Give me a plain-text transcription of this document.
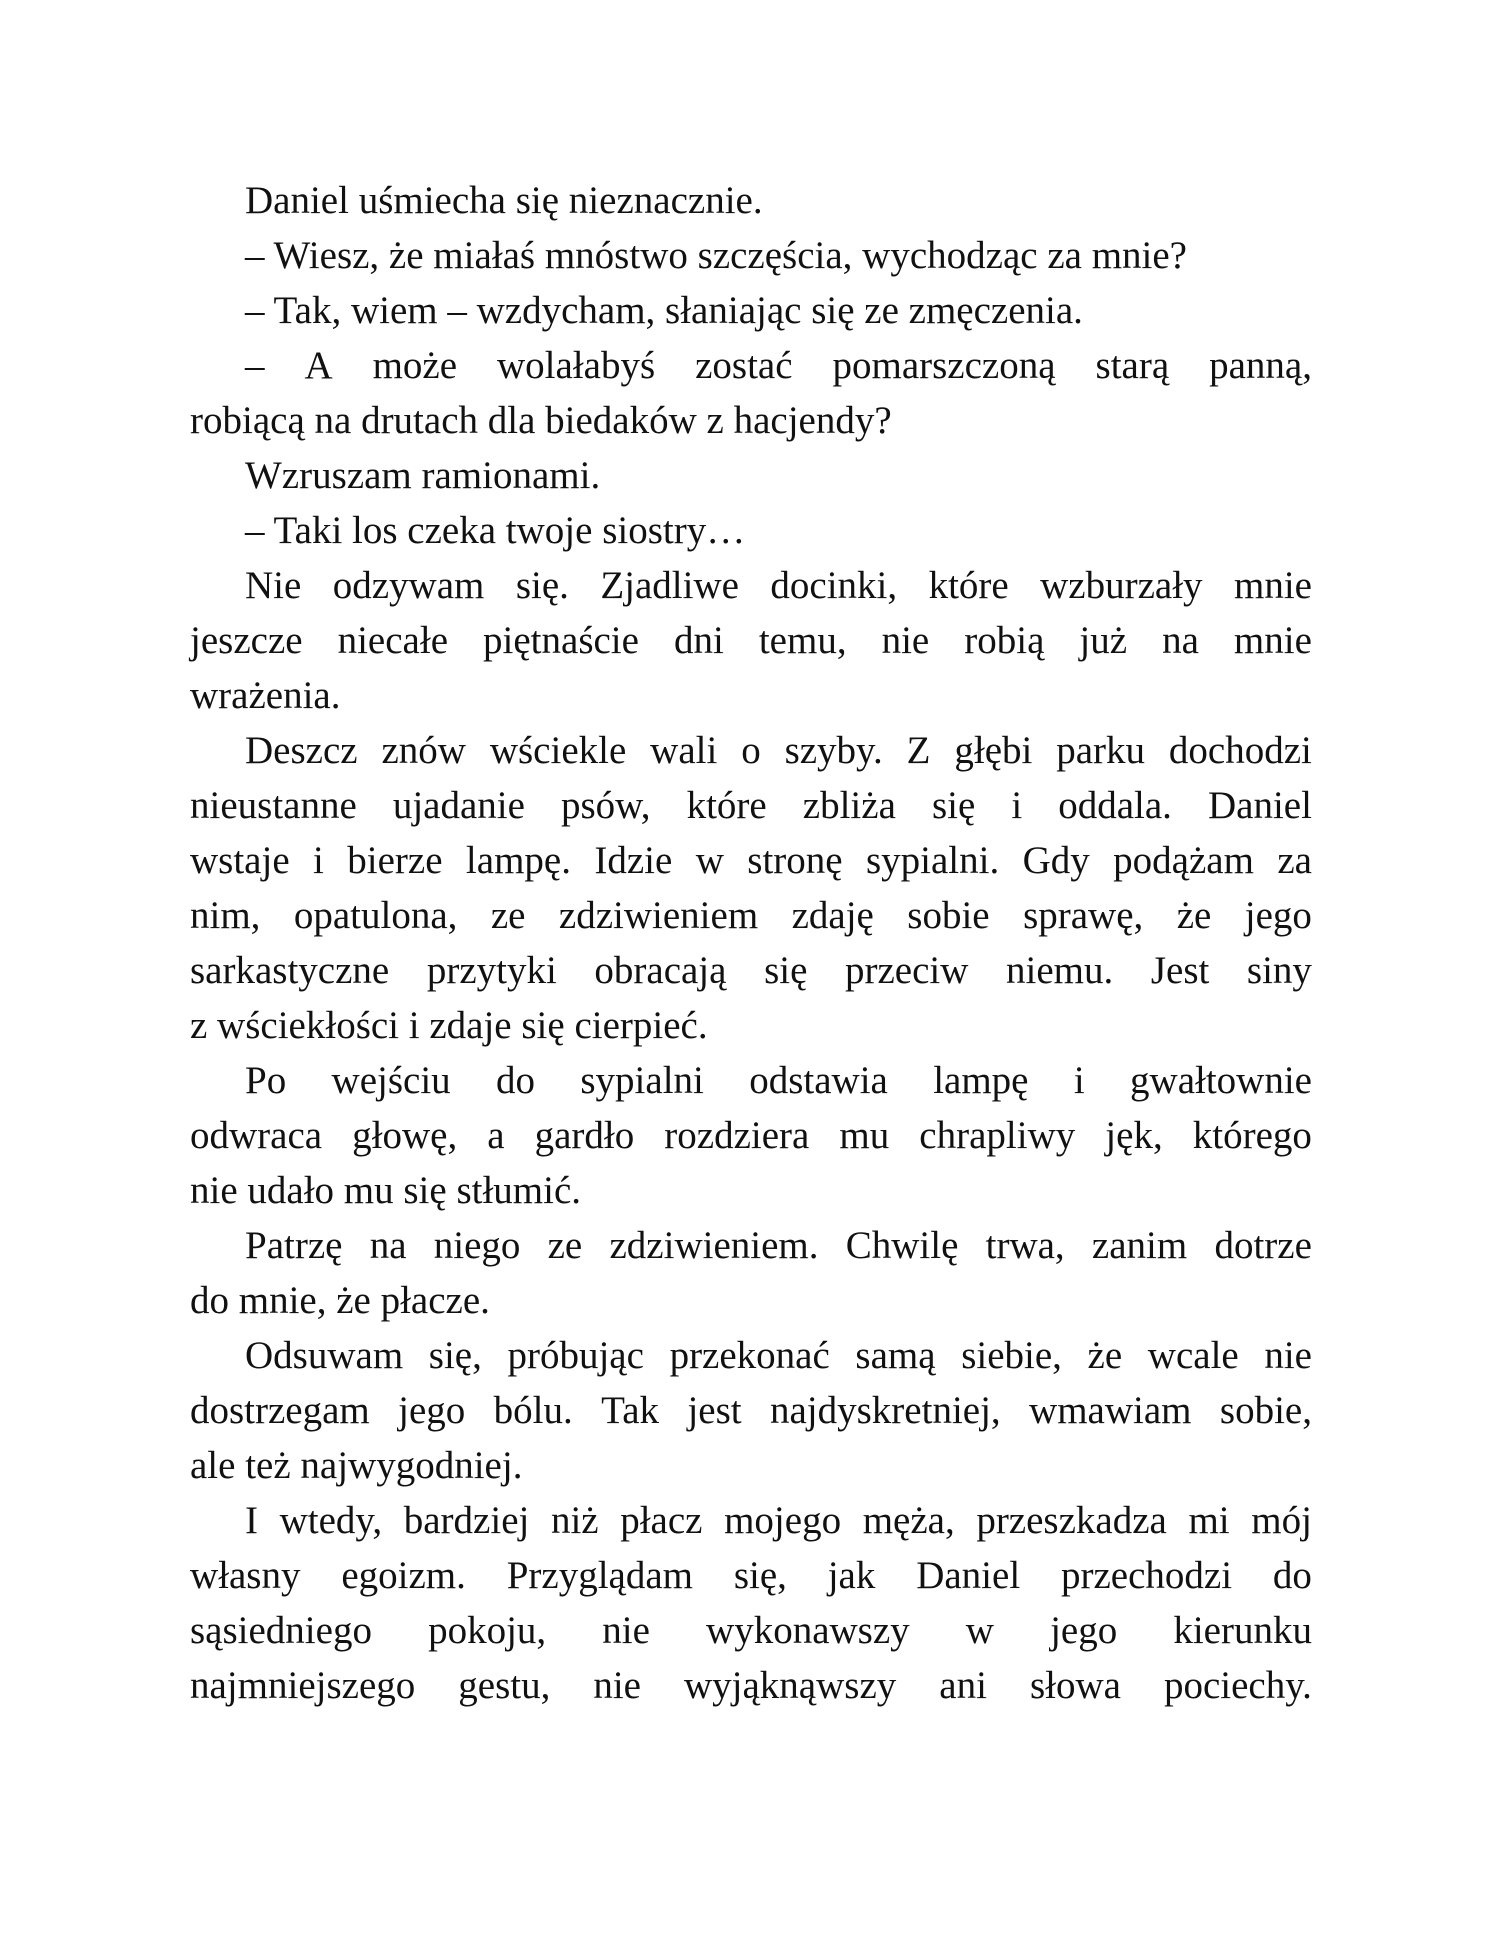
Daniel uśmiecha się nieznacznie.
– Wiesz, że miałaś mnóstwo szczęścia, wychodząc za mnie?
– Tak, wiem – wzdycham, słaniając się ze zmęczenia.
– A może wolałabyś zostać pomarszczoną starą panną,
robiącą na drutach dla biedaków z hacjendy?
Wzruszam ramionami.
– Taki los czeka twoje siostry…
Nie odzywam się. Zjadliwe docinki, które wzburzały mnie
jeszcze niecałe piętnaście dni temu, nie robią już na mnie
wrażenia.
Deszcz znów wściekle wali o szyby. Z głębi parku dochodzi
nieustanne ujadanie psów, które zbliża się i oddala. Daniel
wstaje i bierze lampę. Idzie w stronę sypialni. Gdy podążam za
nim, opatulona, ze zdziwieniem zdaję sobie sprawę, że jego
sarkastyczne przytyki obracają się przeciw niemu. Jest siny
z wściekłości i zdaje się cierpieć.
Po wejściu do sypialni odstawia lampę i gwałtownie
odwraca głowę, a gardło rozdziera mu chrapliwy jęk, którego
nie udało mu się stłumić.
Patrzę na niego ze zdziwieniem. Chwilę trwa, zanim dotrze
do mnie, że płacze.
Odsuwam się, próbując przekonać samą siebie, że wcale nie
dostrzegam jego bólu. Tak jest najdyskretniej, wmawiam sobie,
ale też najwygodniej.
I wtedy, bardziej niż płacz mojego męża, przeszkadza mi mój
własny egoizm. Przyglądam się, jak Daniel przechodzi do
sąsiedniego pokoju, nie wykonawszy w jego kierunku
najmniejszego gestu, nie wyjąknąwszy ani słowa pociechy.
